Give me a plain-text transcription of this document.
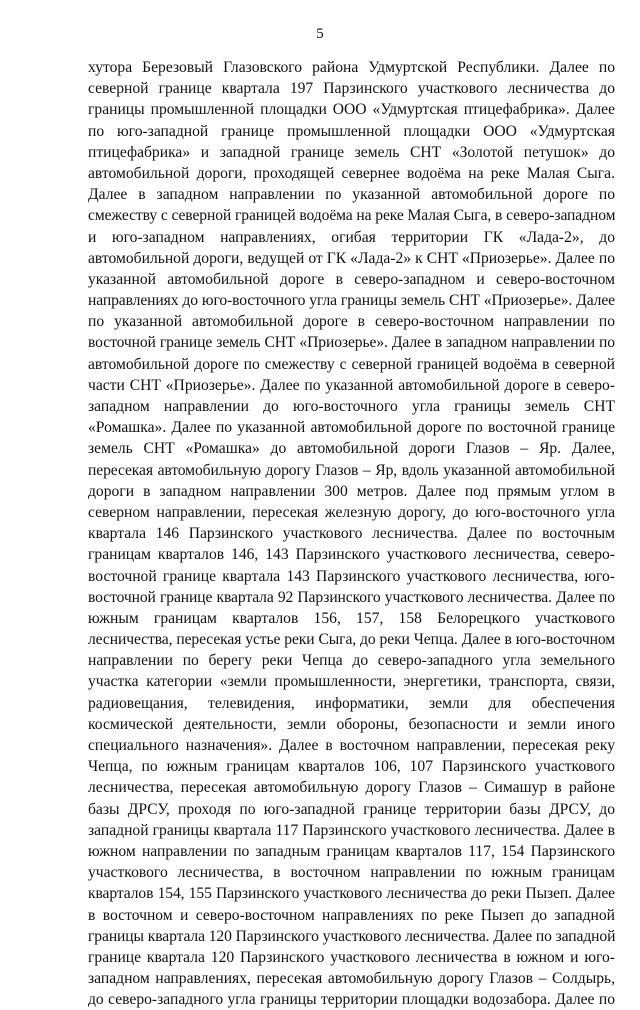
5
хутора Березовый Глазовского района Удмуртской Республики. Далее по
северной границе квартала 197 Парзинского участкового лесничества до
границы промышленной площадки ООО «Удмуртская птицефабрика». Далее
по юго-западной границе промышленной площадки ООО «Удмуртская
птицефабрика» и западной границе земель СНТ «Золотой петушок» до
автомобильной дороги, проходящей севернее водоёма на реке Малая Сыга.
Далее в западном направлении по указанной автомобильной дороге по
смежеству с северной границей водоёма на реке Малая Сыга, в северо-западном
и юго-западном направлениях, огибая территории ГК «Лада-2», до
автомобильной дороги, ведущей от ГК «Лада-2» к СНТ «Приозерье». Далее по
указанной автомобильной дороге в северо-западном и северо-восточном
направлениях до юго-восточного угла границы земель СНТ «Приозерье». Далее
по указанной автомобильной дороге в северо-восточном направлении по
восточной границе земель СНТ «Приозерье». Далее в западном направлении по
автомобильной дороге по смежеству с северной границей водоёма в северной
части СНТ «Приозерье». Далее по указанной автомобильной дороге в северо-
западном направлении до юго-восточного угла границы земель СНТ
«Ромашка». Далее по указанной автомобильной дороге по восточной границе
земель СНТ «Ромашка» до автомобильной дороги Глазов – Яр. Далее,
пересекая автомобильную дорогу Глазов – Яр, вдоль указанной автомобильной
дороги в западном направлении 300 метров. Далее под прямым углом в
северном направлении, пересекая железную дорогу, до юго-восточного угла
квартала 146 Парзинского участкового лесничества. Далее по восточным
границам кварталов 146, 143 Парзинского участкового лесничества, северо-
восточной границе квартала 143 Парзинского участкового лесничества, юго-
восточной границе квартала 92 Парзинского участкового лесничества. Далее по
южным границам кварталов 156, 157, 158 Белорецкого участкового
лесничества, пересекая устье реки Сыга, до реки Чепца. Далее в юго-восточном
направлении по берегу реки Чепца до северо-западного угла земельного
участка категории «земли промышленности, энергетики, транспорта, связи,
радиовещания, телевидения, информатики, земли для обеспечения
космической деятельности, земли обороны, безопасности и земли иного
специального назначения». Далее в восточном направлении, пересекая реку
Чепца, по южным границам кварталов 106, 107 Парзинского участкового
лесничества, пересекая автомобильную дорогу Глазов – Симашур в районе
базы ДРСУ, проходя по юго-западной границе территории базы ДРСУ, до
западной границы квартала 117 Парзинского участкового лесничества. Далее в
южном направлении по западным границам кварталов 117, 154 Парзинского
участкового лесничества, в восточном направлении по южным границам
кварталов 154, 155 Парзинского участкового лесничества до реки Пызеп. Далее
в восточном и северо-восточном направлениях по реке Пызеп до западной
границы квартала 120 Парзинского участкового лесничества. Далее по западной
границе квартала 120 Парзинского участкового лесничества в южном и юго-
западном направлениях, пересекая автомобильную дорогу Глазов – Солдырь,
до северо-западного угла границы территории площадки водозабора. Далее по
